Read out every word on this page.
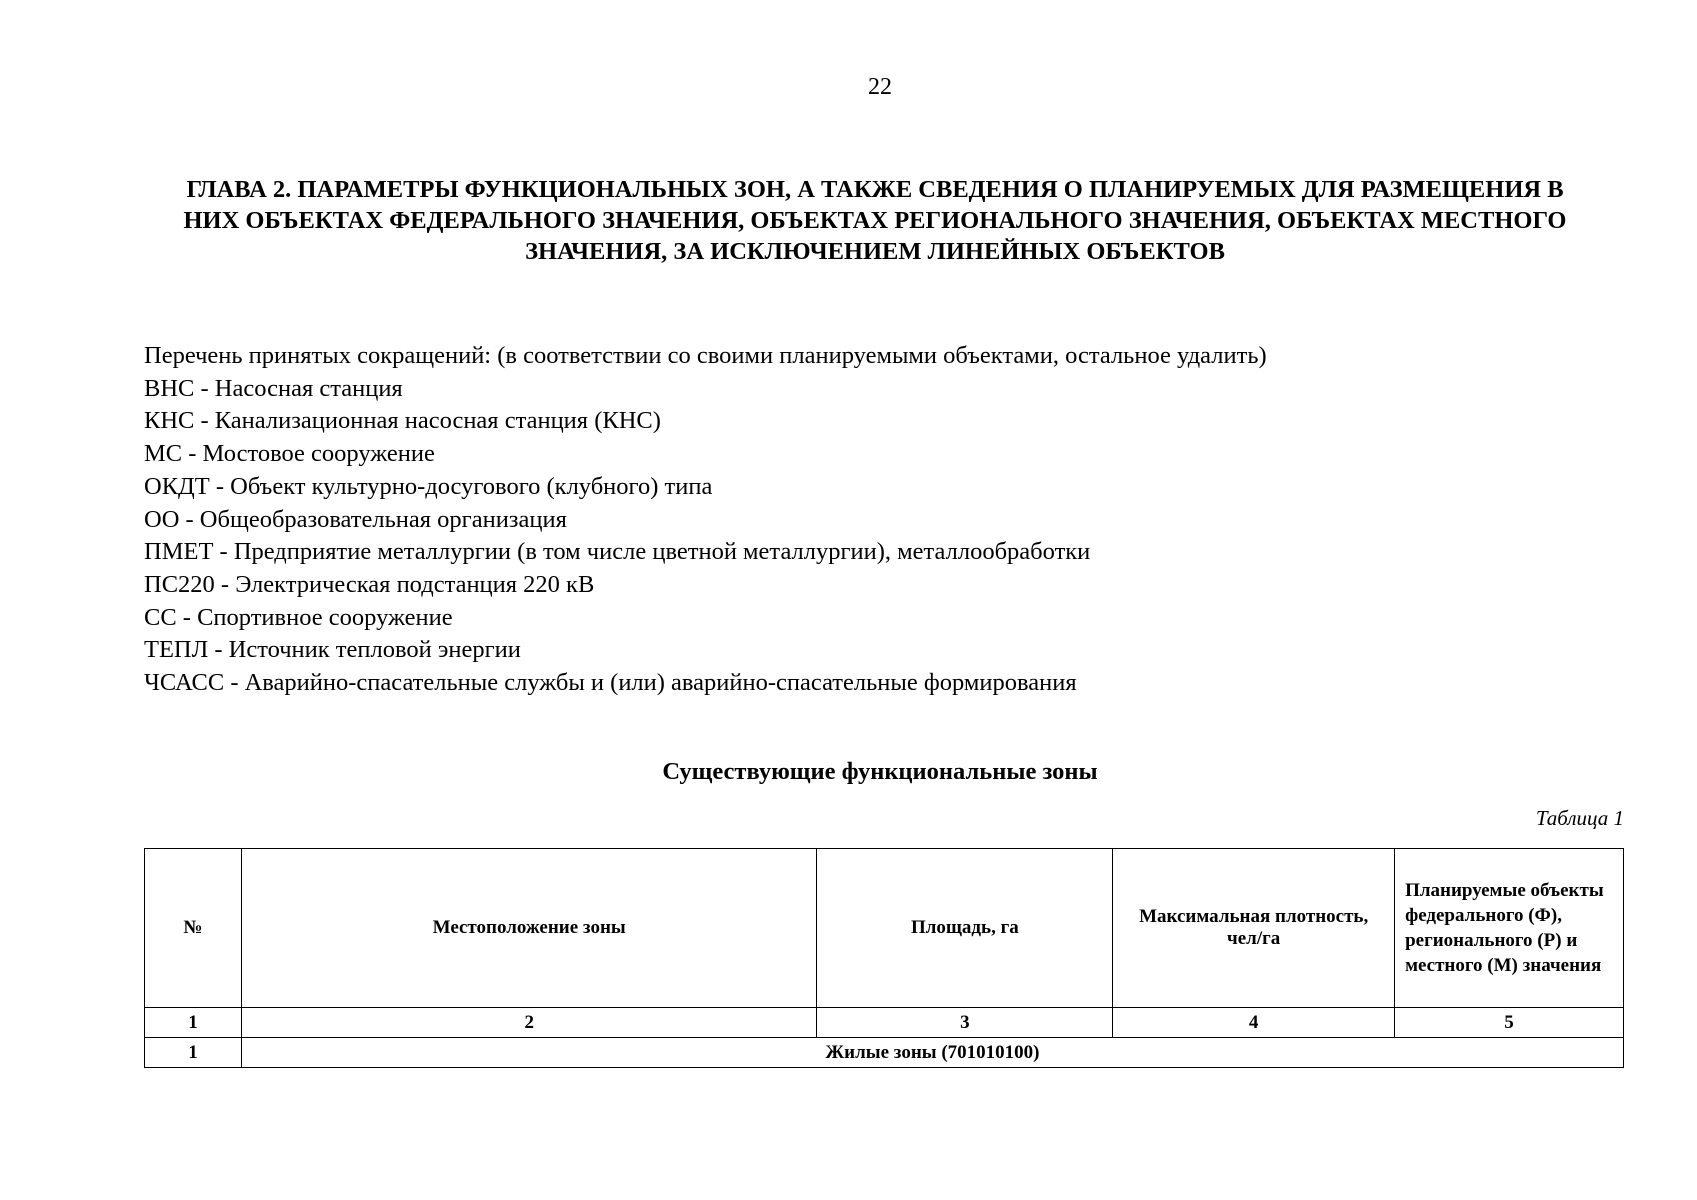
22
ГЛАВА 2. ПАРАМЕТРЫ ФУНКЦИОНАЛЬНЫХ ЗОН, А ТАКЖЕ СВЕДЕНИЯ О ПЛАНИРУЕМЫХ ДЛЯ РАЗМЕЩЕНИЯ В НИХ ОБЪЕКТАХ ФЕДЕРАЛЬНОГО ЗНАЧЕНИЯ, ОБЪЕКТАХ РЕГИОНАЛЬНОГО ЗНАЧЕНИЯ, ОБЪЕКТАХ МЕСТНОГО ЗНАЧЕНИЯ, ЗА ИСКЛЮЧЕНИЕМ ЛИНЕЙНЫХ ОБЪЕКТОВ
Перечень принятых сокращений: (в соответствии со своими планируемыми объектами, остальное удалить)
ВНС - Насосная станция
КНС - Канализационная насосная станция (КНС)
МС - Мостовое сооружение
ОКДТ - Объект культурно-досугового (клубного) типа
ОО - Общеобразовательная организация
ПМЕТ - Предприятие металлургии (в том числе цветной металлургии), металлообработки
ПС220 - Электрическая подстанция 220 кВ
СС - Спортивное сооружение
ТЕПЛ - Источник тепловой энергии
ЧСАСС - Аварийно-спасательные службы и (или) аварийно-спасательные формирования
Существующие функциональные зоны
Таблица 1
№	Местоположение зоны	Площадь, га	Максимальная плотность, чел/га	Планируемые объекты федерального (Ф), регионального (Р) и местного (М) значения
1	2	3	4	5
1	Жилые зоны (701010100)			
